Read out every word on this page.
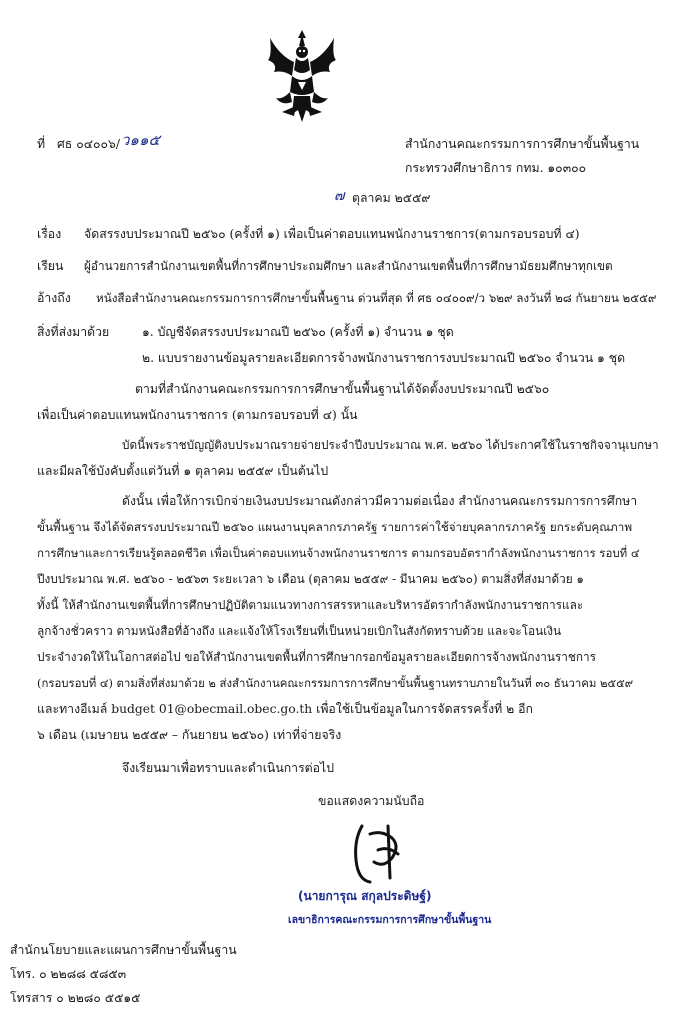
ที่ ศธ ๐๔๐๐๖/ ว๑๑๕	สำนักงานคณะกรรมการการศึกษาขั้นพื้นฐาน
กระทรวงศึกษาธิการ กทม. ๑๐๓๐๐
๗ ตุลาคม ๒๕๕๙
เรื่อง จัดสรรงบประมาณปี ๒๕๖๐ (ครั้งที่ ๑) เพื่อเป็นค่าตอบแทนพนักงานราชการ(ตามกรอบรอบที่ ๔)
เรียน ผู้อำนวยการสำนักงานเขตพื้นที่การศึกษาประถมศึกษา และสำนักงานเขตพื้นที่การศึกษามัธยมศึกษาทุกเขต
อ้างถึง หนังสือสำนักงานคณะกรรมการการศึกษาขั้นพื้นฐาน ด่วนที่สุด ที่ ศธ ๐๔๐๐๙/ว ๖๒๙ ลงวันที่ ๒๘ กันยายน ๒๕๕๙
สิ่งที่ส่งมาด้วย	๑. บัญชีจัดสรรงบประมาณปี ๒๕๖๐ (ครั้งที่ ๑) จำนวน ๑ ชุด
๒. แบบรายงานข้อมูลรายละเอียดการจ้างพนักงานราชการงบประมาณปี ๒๕๖๐ จำนวน ๑ ชุด
ตามที่สำนักงานคณะกรรมการการศึกษาขั้นพื้นฐานได้จัดตั้งงบประมาณปี ๒๕๖๐
เพื่อเป็นค่าตอบแทนพนักงานราชการ (ตามกรอบรอบที่ ๔) นั้น
บัดนี้พระราชบัญญัติงบประมาณรายจ่ายประจำปีงบประมาณ พ.ศ. ๒๕๖๐ ได้ประกาศใช้ในราชกิจจานุเบกษา
และมีผลใช้บังคับตั้งแต่วันที่ ๑ ตุลาคม ๒๕๕๙ เป็นต้นไป
ดังนั้น เพื่อให้การเบิกจ่ายเงินงบประมาณดังกล่าวมีความต่อเนื่อง สำนักงานคณะกรรมการการศึกษา
ขั้นพื้นฐาน จึงได้จัดสรรงบประมาณปี ๒๕๖๐ แผนงานบุคลากรภาครัฐ รายการค่าใช้จ่ายบุคลากรภาครัฐ ยกระดับคุณภาพ
การศึกษาและการเรียนรู้ตลอดชีวิต เพื่อเป็นค่าตอบแทนจ้างพนักงานราชการ ตามกรอบอัตรากำลังพนักงานราชการ รอบที่ ๔
ปีงบประมาณ พ.ศ. ๒๕๖๐ - ๒๕๖๓ ระยะเวลา ๖ เดือน (ตุลาคม ๒๕๕๙ - มีนาคม ๒๕๖๐) ตามสิ่งที่ส่งมาด้วย ๑
ทั้งนี้ ให้สำนักงานเขตพื้นที่การศึกษาปฏิบัติตามแนวทางการสรรหาและบริหารอัตรากำลังพนักงานราชการและ
ลูกจ้างชั่วคราว ตามหนังสือที่อ้างถึง และแจ้งให้โรงเรียนที่เป็นหน่วยเบิกในสังกัดทราบด้วย และจะโอนเงิน
ประจำงวดให้ในโอกาสต่อไป ขอให้สำนักงานเขตพื้นที่การศึกษากรอกข้อมูลรายละเอียดการจ้างพนักงานราชการ
(กรอบรอบที่ ๔) ตามสิ่งที่ส่งมาด้วย ๒ ส่งสำนักงานคณะกรรมการการศึกษาขั้นพื้นฐานทราบภายในวันที่ ๓๐ ธันวาคม ๒๕๕๙
และทางอีเมล์ budget 01@obecmail.obec.go.th เพื่อใช้เป็นข้อมูลในการจัดสรรครั้งที่ ๒ อีก
๖ เดือน (เมษายน ๒๕๕๙ – กันยายน ๒๕๖๐) เท่าที่จ่ายจริง
จึงเรียนมาเพื่อทราบและดำเนินการต่อไป
ขอแสดงความนับถือ
(นายการุณ สกุลประดิษฐ์)
เลขาธิการคณะกรรมการการศึกษาขั้นพื้นฐาน
สำนักนโยบายและแผนการศึกษาขั้นพื้นฐาน
โทร. ๐ ๒๒๘๘ ๕๘๕๓
โทรสาร ๐ ๒๒๘๐ ๕๕๑๕
